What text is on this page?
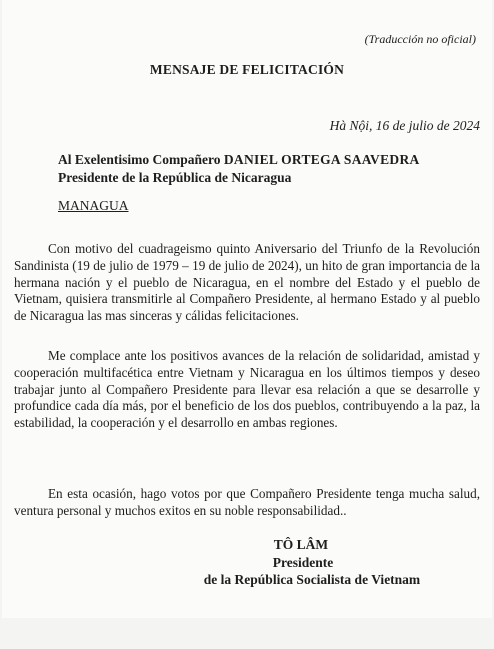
(Traducción no oficial)
MENSAJE DE FELICITACIÓN
Hà Nội, 16 de julio de 2024
Al Exelentisimo Compañero DANIEL ORTEGA SAAVEDRA
Presidente de la República de Nicaragua
MANAGUA

Con motivo del cuadrageismo quinto Aniversario del Triunfo de la Revolución Sandinista (19 de julio de 1979 – 19 de julio de 2024), un hito de gran importancia de la hermana nación y el pueblo de Nicaragua, en el nombre del Estado y el pueblo de Vietnam, quisiera transmitirle al Compañero Presidente, al hermano Estado y al pueblo de Nicaragua las mas sinceras y cálidas felicitaciones.

Me complace ante los positivos avances de la relación de solidaridad, amistad y cooperación multifacética entre Vietnam y Nicaragua en los últimos tiempos y deseo trabajar junto al Compañero Presidente para llevar esa relación a que se desarrolle y profundice cada día más, por el beneficio de los dos pueblos, contribuyendo a la paz, la estabilidad, la cooperación y el desarrollo en ambas regiones.

En esta ocasión, hago votos por que Compañero Presidente tenga mucha salud, ventura personal y muchos exitos en su noble responsabilidad..

TÔ LÂM
Presidente
de la República Socialista de Vietnam
